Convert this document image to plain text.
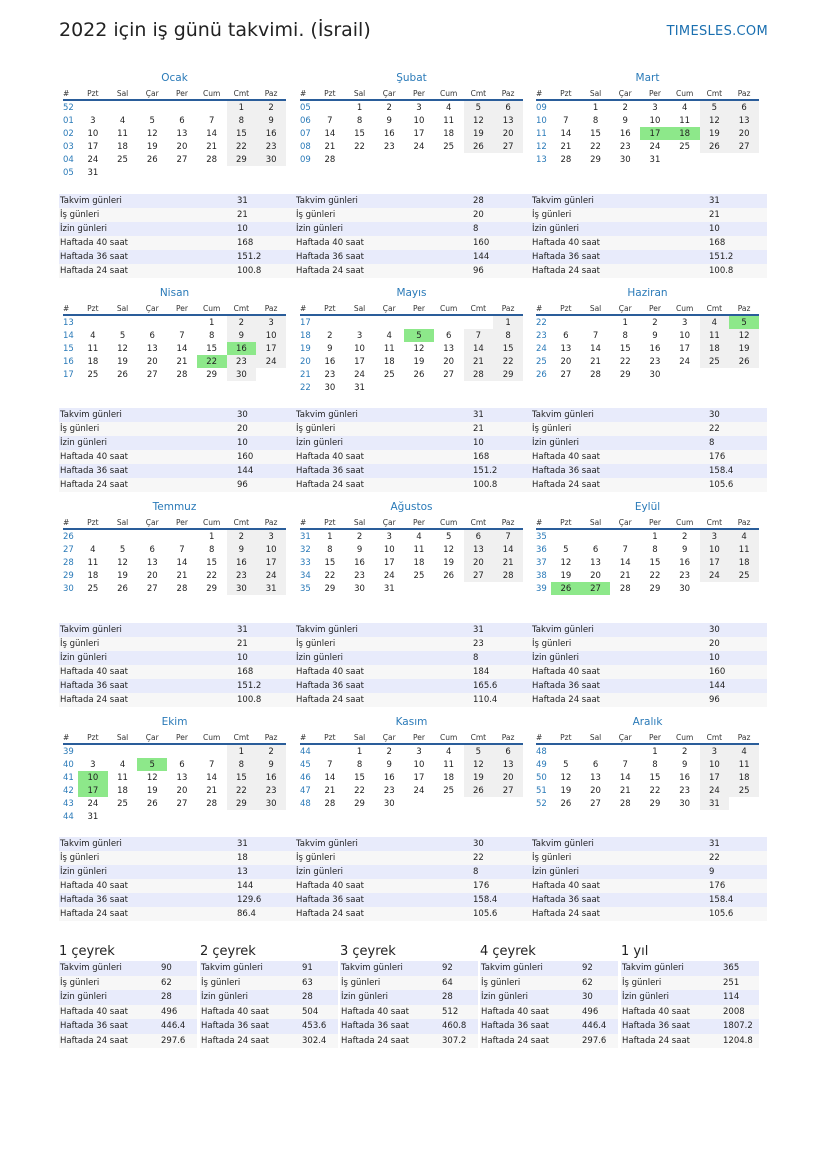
2022 için iş günü takvimi. (İsrail)	TIMESLES.COM
Ocak
#	Pzt	Sal	Çar	Per	Cum	Cmt	Paz
52						1	2
01	3	4	5	6	7	8	9
02	10	11	12	13	14	15	16
03	17	18	19	20	21	22	23
04	24	25	26	27	28	29	30
05	31						
Takvim günleri	31
İş günleri	21
İzin günleri	10
Haftada 40 saat	168
Haftada 36 saat	151.2
Haftada 24 saat	100.8
Şubat
#	Pzt	Sal	Çar	Per	Cum	Cmt	Paz
05		1	2	3	4	5	6
06	7	8	9	10	11	12	13
07	14	15	16	17	18	19	20
08	21	22	23	24	25	26	27
09	28						
Takvim günleri	28
İş günleri	20
İzin günleri	8
Haftada 40 saat	160
Haftada 36 saat	144
Haftada 24 saat	96
Mart
#	Pzt	Sal	Çar	Per	Cum	Cmt	Paz
09		1	2	3	4	5	6
10	7	8	9	10	11	12	13
11	14	15	16	17	18	19	20
12	21	22	23	24	25	26	27
13	28	29	30	31			
Takvim günleri	31
İş günleri	21
İzin günleri	10
Haftada 40 saat	168
Haftada 36 saat	151.2
Haftada 24 saat	100.8
Nisan
#	Pzt	Sal	Çar	Per	Cum	Cmt	Paz
13					1	2	3
14	4	5	6	7	8	9	10
15	11	12	13	14	15	16	17
16	18	19	20	21	22	23	24
17	25	26	27	28	29	30	
Takvim günleri	30
İş günleri	20
İzin günleri	10
Haftada 40 saat	160
Haftada 36 saat	144
Haftada 24 saat	96
Mayıs
#	Pzt	Sal	Çar	Per	Cum	Cmt	Paz
17							1
18	2	3	4	5	6	7	8
19	9	10	11	12	13	14	15
20	16	17	18	19	20	21	22
21	23	24	25	26	27	28	29
22	30	31					
Takvim günleri	31
İş günleri	21
İzin günleri	10
Haftada 40 saat	168
Haftada 36 saat	151.2
Haftada 24 saat	100.8
Haziran
#	Pzt	Sal	Çar	Per	Cum	Cmt	Paz
22			1	2	3	4	5
23	6	7	8	9	10	11	12
24	13	14	15	16	17	18	19
25	20	21	22	23	24	25	26
26	27	28	29	30			
Takvim günleri	30
İş günleri	22
İzin günleri	8
Haftada 40 saat	176
Haftada 36 saat	158.4
Haftada 24 saat	105.6
Temmuz
#	Pzt	Sal	Çar	Per	Cum	Cmt	Paz
26					1	2	3
27	4	5	6	7	8	9	10
28	11	12	13	14	15	16	17
29	18	19	20	21	22	23	24
30	25	26	27	28	29	30	31
Takvim günleri	31
İş günleri	21
İzin günleri	10
Haftada 40 saat	168
Haftada 36 saat	151.2
Haftada 24 saat	100.8
Ağustos
#	Pzt	Sal	Çar	Per	Cum	Cmt	Paz
31	1	2	3	4	5	6	7
32	8	9	10	11	12	13	14
33	15	16	17	18	19	20	21
34	22	23	24	25	26	27	28
35	29	30	31				
Takvim günleri	31
İş günleri	23
İzin günleri	8
Haftada 40 saat	184
Haftada 36 saat	165.6
Haftada 24 saat	110.4
Eylül
#	Pzt	Sal	Çar	Per	Cum	Cmt	Paz
35				1	2	3	4
36	5	6	7	8	9	10	11
37	12	13	14	15	16	17	18
38	19	20	21	22	23	24	25
39	26	27	28	29	30		
Takvim günleri	30
İş günleri	20
İzin günleri	10
Haftada 40 saat	160
Haftada 36 saat	144
Haftada 24 saat	96
Ekim
#	Pzt	Sal	Çar	Per	Cum	Cmt	Paz
39						1	2
40	3	4	5	6	7	8	9
41	10	11	12	13	14	15	16
42	17	18	19	20	21	22	23
43	24	25	26	27	28	29	30
44	31						
Takvim günleri	31
İş günleri	18
İzin günleri	13
Haftada 40 saat	144
Haftada 36 saat	129.6
Haftada 24 saat	86.4
Kasım
#	Pzt	Sal	Çar	Per	Cum	Cmt	Paz
44		1	2	3	4	5	6
45	7	8	9	10	11	12	13
46	14	15	16	17	18	19	20
47	21	22	23	24	25	26	27
48	28	29	30				
Takvim günleri	30
İş günleri	22
İzin günleri	8
Haftada 40 saat	176
Haftada 36 saat	158.4
Haftada 24 saat	105.6
Aralık
#	Pzt	Sal	Çar	Per	Cum	Cmt	Paz
48				1	2	3	4
49	5	6	7	8	9	10	11
50	12	13	14	15	16	17	18
51	19	20	21	22	23	24	25
52	26	27	28	29	30	31	
Takvim günleri	31
İş günleri	22
İzin günleri	9
Haftada 40 saat	176
Haftada 36 saat	158.4
Haftada 24 saat	105.6
1 çeyrek
Takvim günleri	90
İş günleri	62
İzin günleri	28
Haftada 40 saat	496
Haftada 36 saat	446.4
Haftada 24 saat	297.6
2 çeyrek
Takvim günleri	91
İş günleri	63
İzin günleri	28
Haftada 40 saat	504
Haftada 36 saat	453.6
Haftada 24 saat	302.4
3 çeyrek
Takvim günleri	92
İş günleri	64
İzin günleri	28
Haftada 40 saat	512
Haftada 36 saat	460.8
Haftada 24 saat	307.2
4 çeyrek
Takvim günleri	92
İş günleri	62
İzin günleri	30
Haftada 40 saat	496
Haftada 36 saat	446.4
Haftada 24 saat	297.6
1 yıl
Takvim günleri	365
İş günleri	251
İzin günleri	114
Haftada 40 saat	2008
Haftada 36 saat	1807.2
Haftada 24 saat	1204.8
